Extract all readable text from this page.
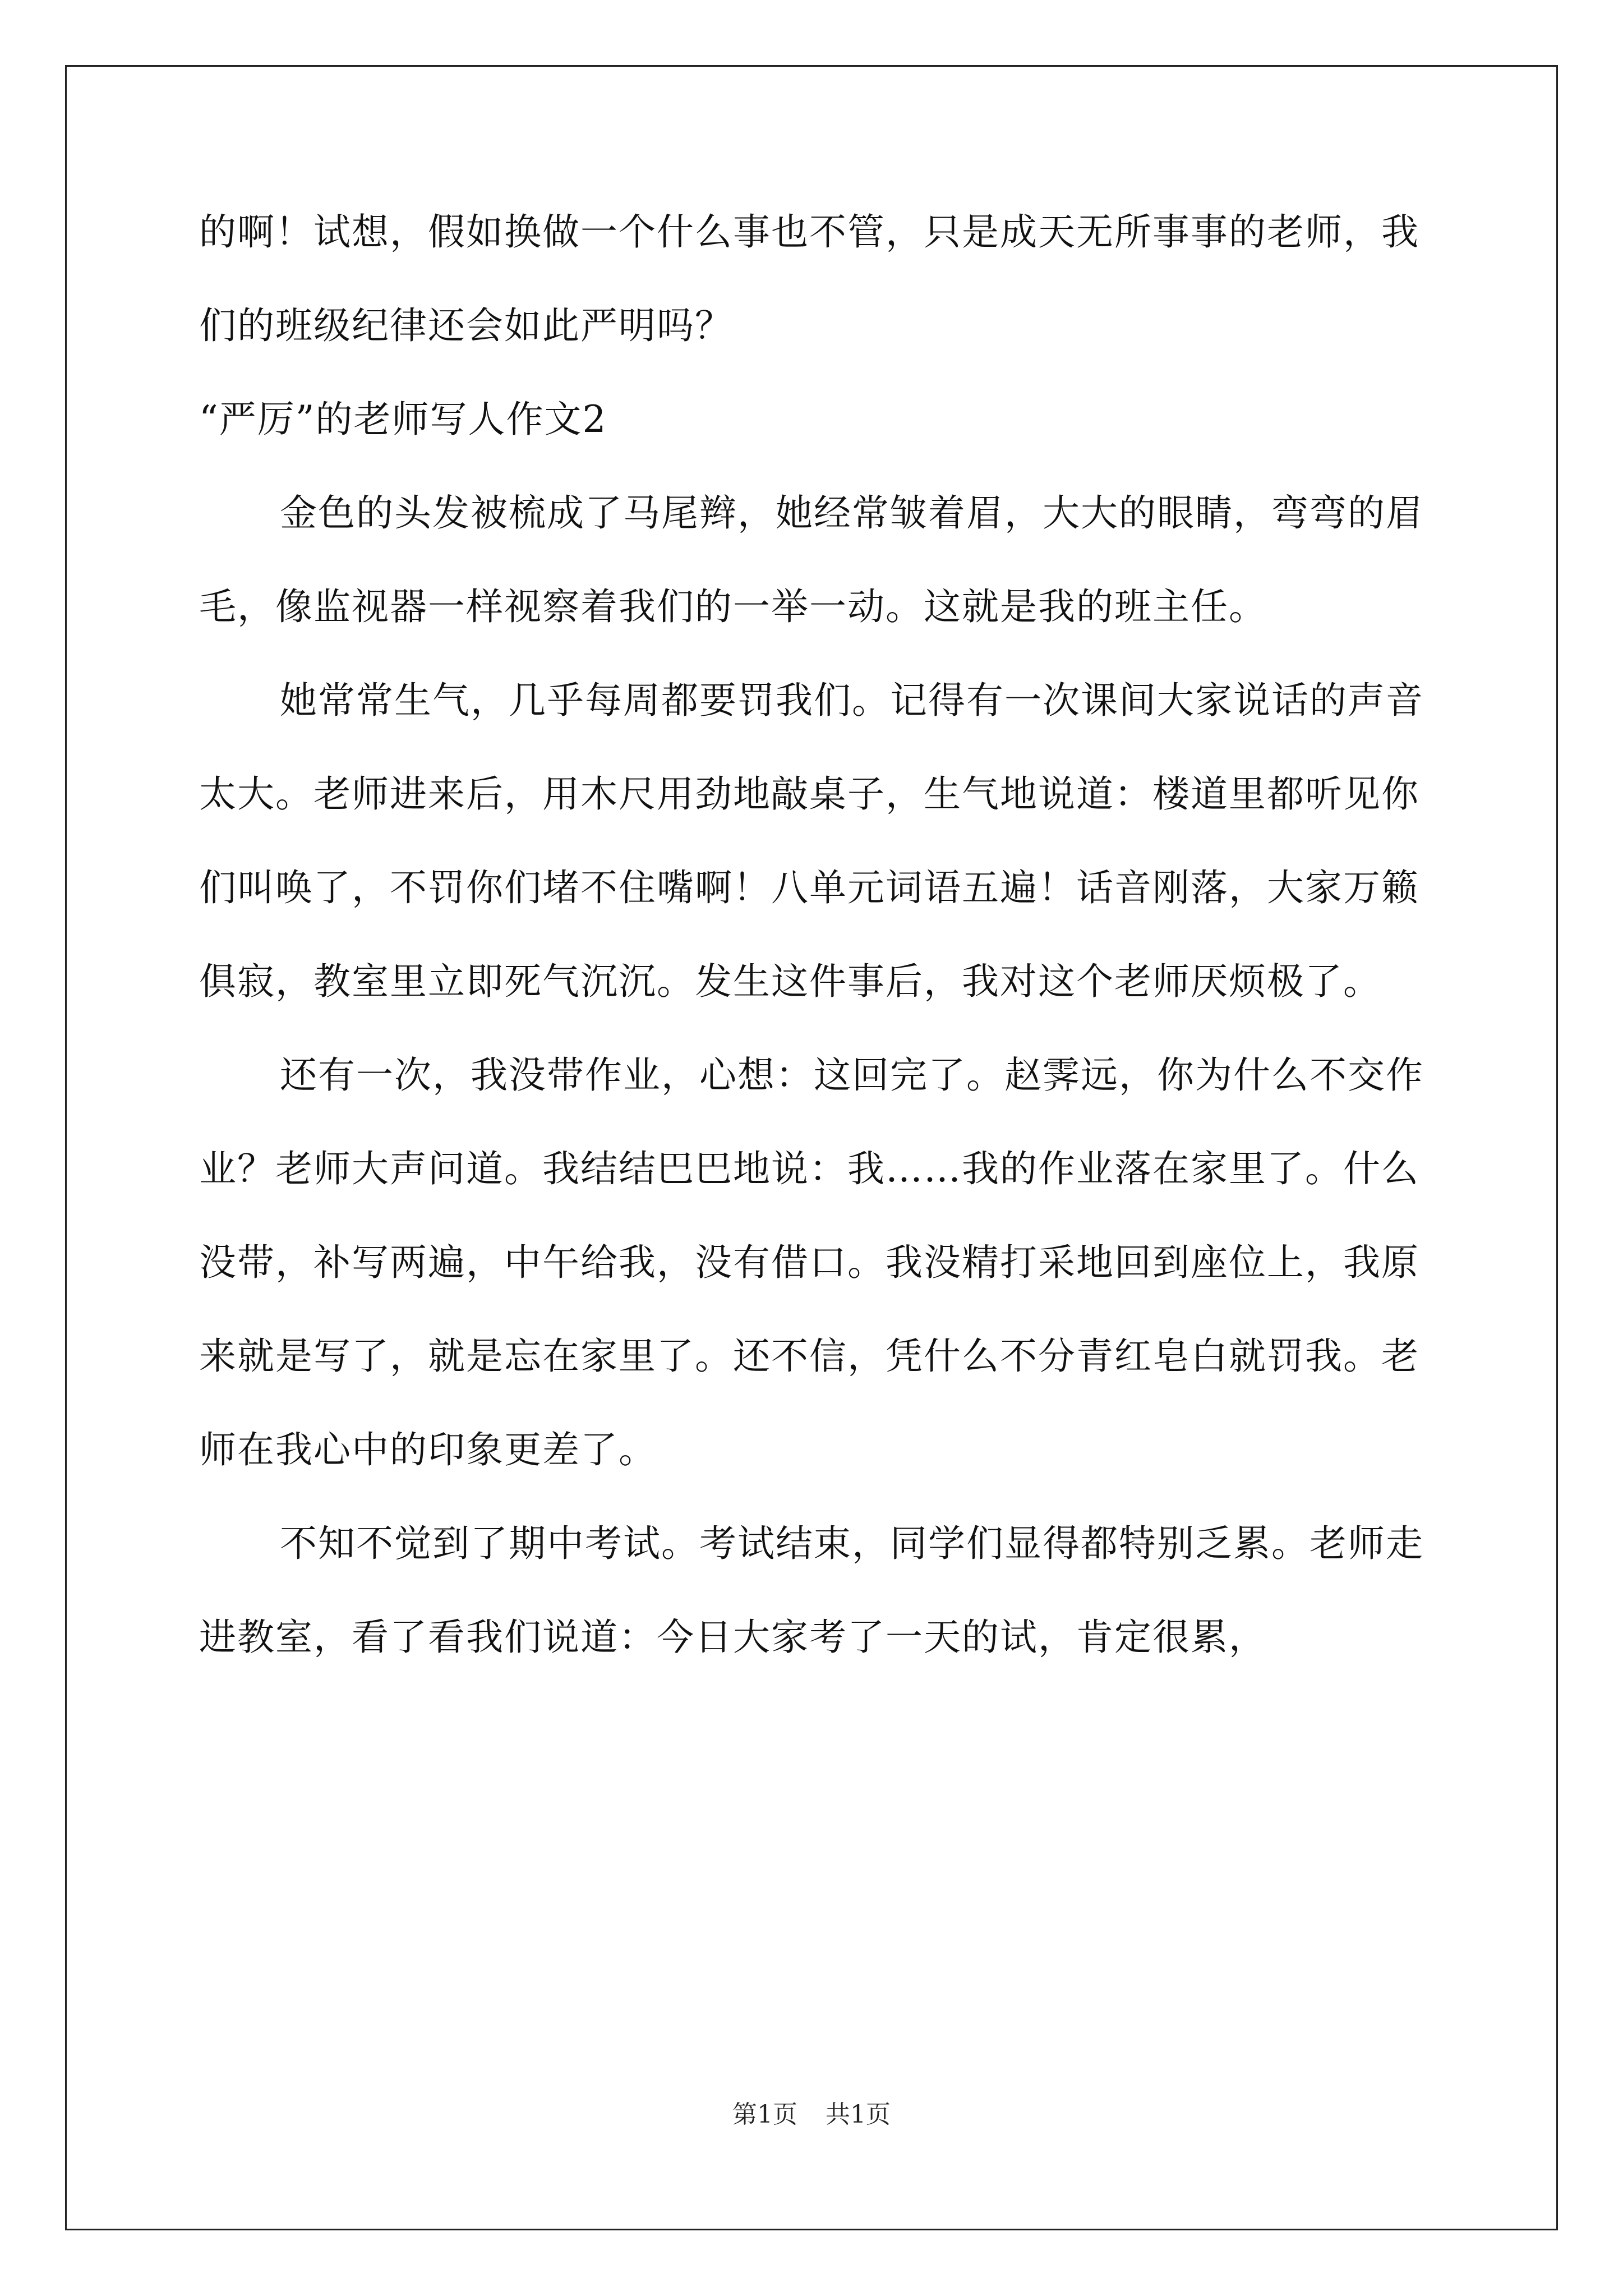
的啊！试想，假如换做一个什么事也不管，只是成天无所事事的老师，我们的班级纪律还会如此严明吗？

“严厉”的老师写人作文2

金色的头发被梳成了马尾辫，她经常皱着眉，大大的眼睛，弯弯的眉毛，像监视器一样视察着我们的一举一动。这就是我的班主任。

她常常生气，几乎每周都要罚我们。记得有一次课间大家说话的声音太大。老师进来后，用木尺用劲地敲桌子，生气地说道：楼道里都听见你们叫唤了，不罚你们堵不住嘴啊！八单元词语五遍！话音刚落，大家万籁俱寂，教室里立即死气沉沉。发生这件事后，我对这个老师厌烦极了。

还有一次，我没带作业，心想：这回完了。赵霁远，你为什么不交作业？老师大声问道。我结结巴巴地说：我……我的作业落在家里了。什么没带，补写两遍，中午给我，没有借口。我没精打采地回到座位上，我原来就是写了，就是忘在家里了。还不信，凭什么不分青红皂白就罚我。老师在我心中的印象更差了。

不知不觉到了期中考试。考试结束，同学们显得都特别乏累。老师走进教室，看了看我们说道：今日大家考了一天的试，肯定很累，

第1页 共1页
